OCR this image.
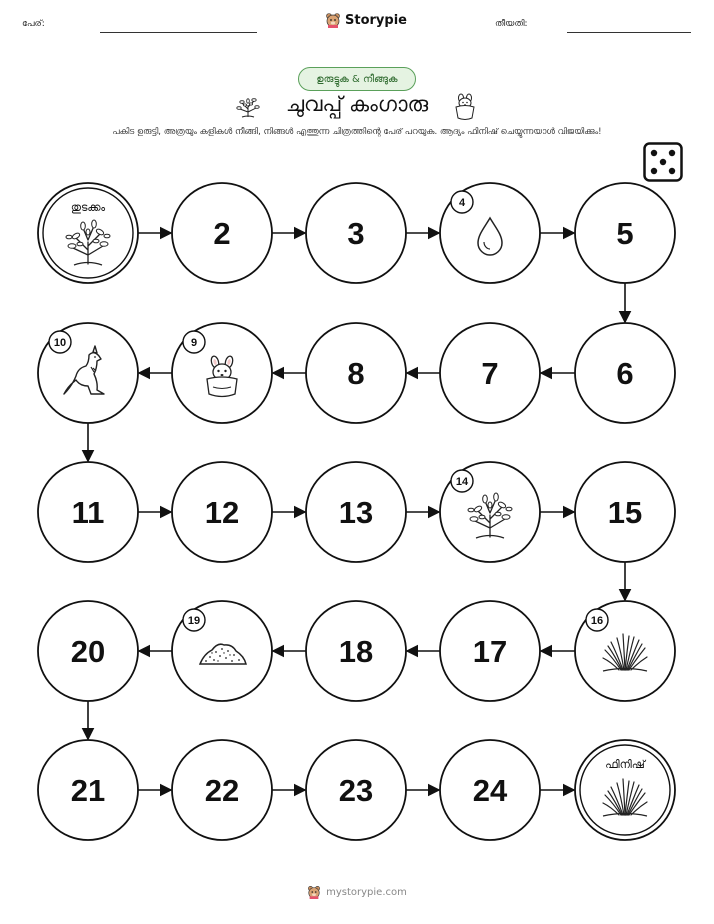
പേര്:	Storypie	തീയതി:
ഉരുട്ടുക & നീങ്ങുക
ചുവപ്പ് കംഗാരു
പകിട ഉരുട്ടി, അത്രയും കളികൾ നീങ്ങി, നിങ്ങൾ എത്തുന്ന ചിത്രത്തിന്റെ പേര് പറയുക. ആദ്യം ഫിനിഷ് ചെയ്യുന്നയാൾ വിജയിക്കും!
തുടക്കം
2	3
4
5
6
7
8
9
10
11	12	13
14
15
16
17
18
19
20
21	22	23	24
ഫിനിഷ്
mystorypie.com
